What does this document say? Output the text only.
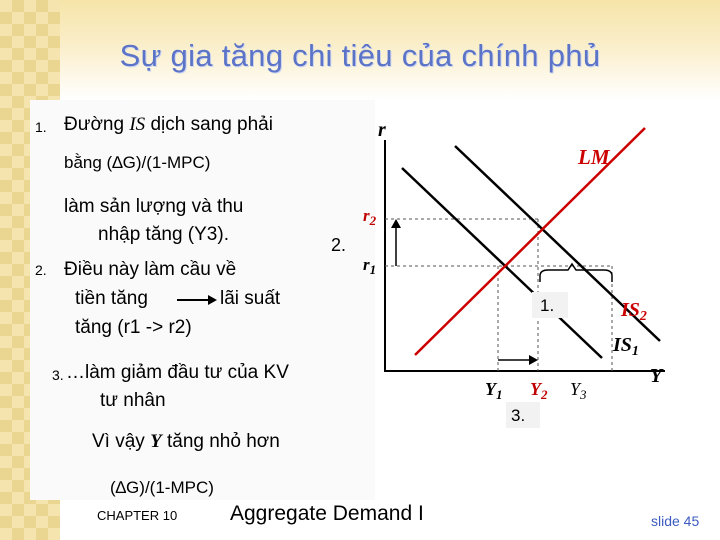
Sự gia tăng chi tiêu của chính phủ
1. Đường IS dịch sang phải
bằng (∆G)/(1-MPC)
làm sản lượng và thu
nhập tăng (Y3).
2. Điều này làm cầu về
tiền tăng	lãi suất
tăng (r1 -> r2)
3. …làm giảm đầu tư của KV
tư nhân
Vì vậy Y tăng nhỏ hơn
(∆G)/(1-MPC)
r
Y
LM
$IS_1$
$IS_2$
$r_2$
$r_1$
$Y_1$ $Y_2$ $Y_3$
1.
2.
3.
CHAPTER 10	Aggregate Demand I	slide 45
